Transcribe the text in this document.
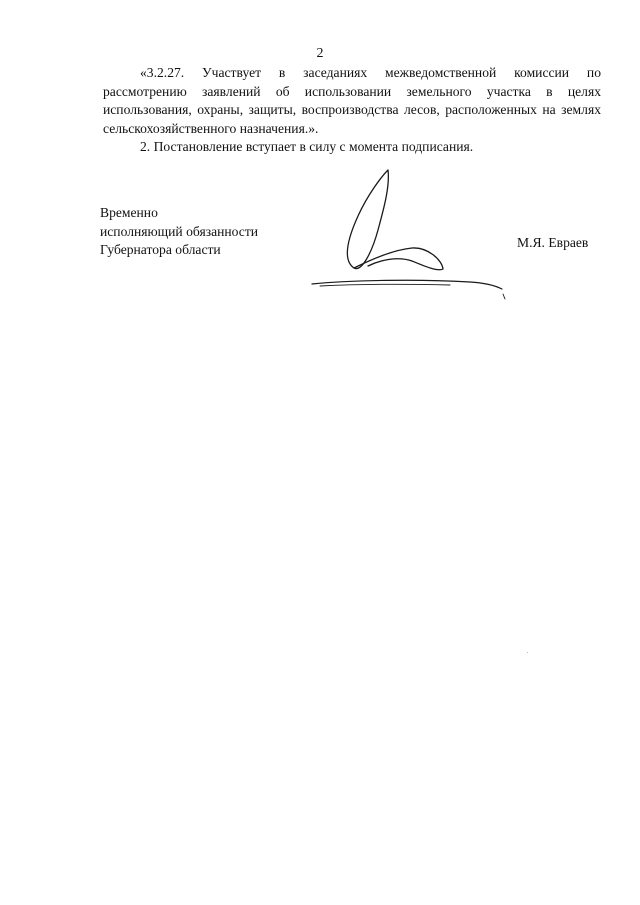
2

«3.2.27. Участвует в заседаниях межведомственной комиссии по рассмотрению заявлений об использовании земельного участка в целях использования, охраны, защиты, воспроизводства лесов, расположенных на землях сельскохозяйственного назначения.».

2. Постановление вступает в силу с момента подписания.

Временно
исполняющий обязанности
Губернатора области	М.Я. Евраев
